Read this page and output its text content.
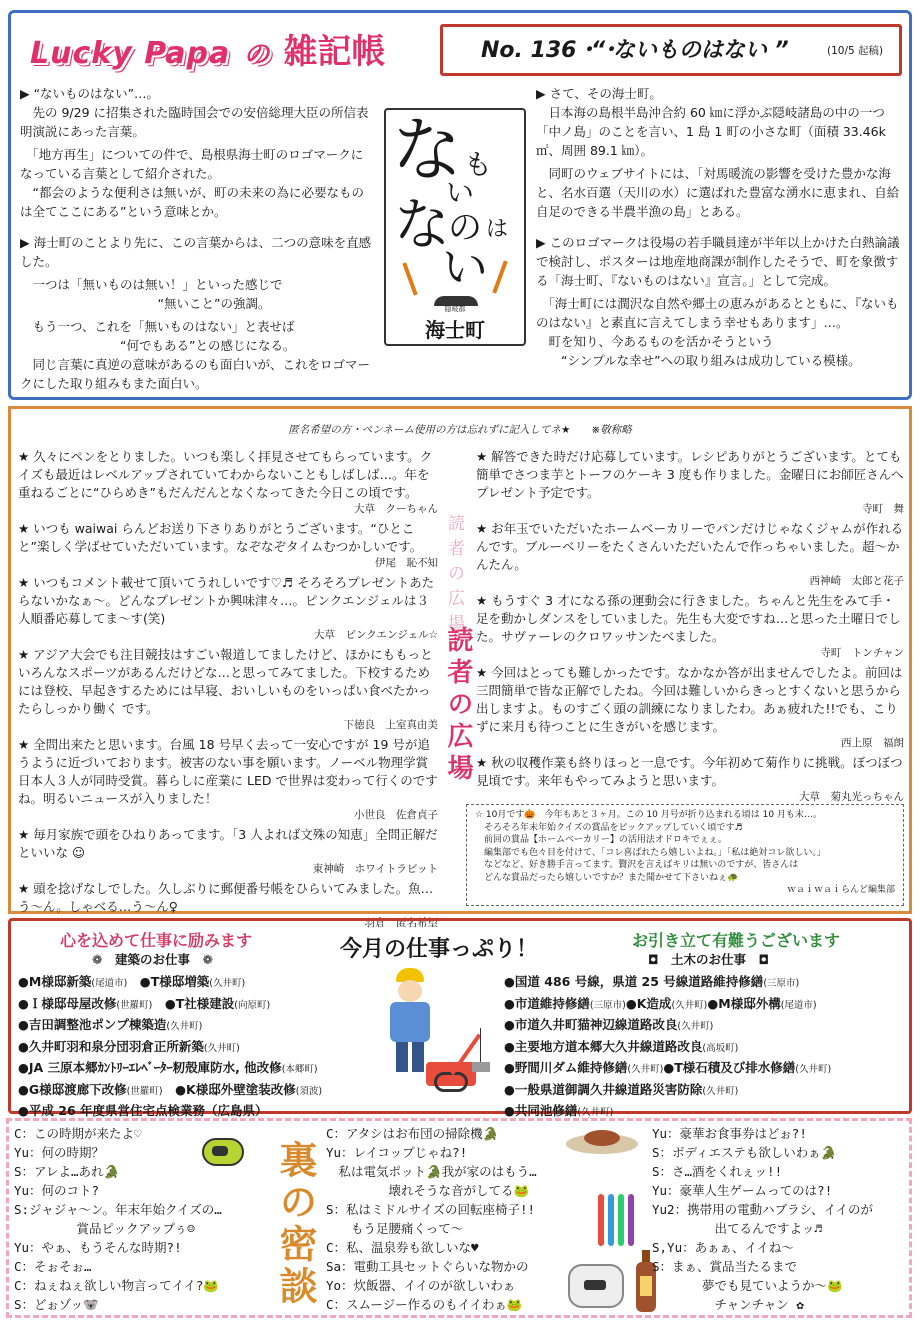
Lucky Papa の 雑記帳	No. 136・・
“ ないものはない ”	(10/5 起稿)

▶ “ないものはない”…。

　先の 9/29 に招集された臨時国会での安倍総理大臣の所信表明演説にあった言葉。

　「地方再生」についての件で、島根県海士町のロゴマークになっている言葉として紹介された。

　“都会のような便利さは無いが、町の未来の為に必要なものは全てここにある”という意味とか。

▶ 海士町のことより先に、この言葉からは、二つの意味を直感した。

　一つは「無いものは無い！」といった感じで

　　　　　　　　　　　“無いこと”の強調。

　もう一つ、これを「無いものはない」と表せば

　　　　　　　　“何でもある”との感じになる。

　同じ言葉に真逆の意味があるのも面白いが、これをロゴマークにした取り組みもまた面白い。

な も
い
の は
な
い
隠岐郡
海士町

▶ さて、その海士町。

　日本海の島根半島沖合約 60 ㎞に浮かぶ隠岐諸島の中の一つ「中ノ島」のことを言い、1 島 1 町の小さな町（面積 33.46k ㎡、周囲 89.1 ㎞）。

　同町のウェブサイトには、「対馬暖流の影響を受けた豊かな海と、名水百選（天川の水）に選ばれた豊富な湧水に恵まれ、自給自足のできる半農半漁の島」とある。

▶ このロゴマークは役場の若手職員達が半年以上かけた白熱論議で検討し、ポスターは地産地商課が制作したそうで、町を象徴する「海士町、『ないものはない』宣言。」として完成。

　「海士町には潤沢な自然や郷土の恵みがあるとともに、『ないものはない』と素直に言えてしまう幸せもあります」…。

　町を知り、今あるものを活かそうという

　　“シンプルな幸せ”への取り組みは成功している模様。

匿名希望の方・ペンネーム使用の方は忘れずに記入してネ★　　※敬称略
★ 久々にペンをとりました。いつも楽しく拝見させてもらっています。クイズも最近はレベルアップされていてわからないこともしばしば…。年を重ねるごとに“ひらめき”もだんだんとなくなってきた今日この頃です。
大草　クーちゃん
★ いつも waiwai らんどお送り下さりありがとうございます。“ひとこと”楽しく学ばせていただいています。なぞなぞタイムむつかしいです。
伊尾　恥不知
★ いつもコメント載せて頂いてうれしいです♡♬ そろそろプレゼントあたらないかなぁ〜。どんなプレゼントか興味津々…。ピンクエンジェルは３人順番応募してま〜す(笑)
大草　ピンクエンジェル☆
★ アジア大会でも注目競技はすごい報道してましたけど、ほかにももっといろんなスポーツがあるんだけどな…と思ってみてました。下校するためには登校、早起きするためには早寝、おいしいものをいっぱい食べたかったらしっかり働く です。
下徳良　上室真由美
★ 全問出来たと思います。台風 18 号早く去って一安心ですが 19 号が追うように近づいております。被害のない事を願います。ノーベル物理学賞日本人３人が同時受賞。暮らしに産業に LED で世界は変わって行くのですね。明るいニュースが入りました！
小世良　佐倉貞子
★ 毎月家族で頭をひねりあってます。「3 人よれば文殊の知恵」全問正解だといいな ☺
東神崎　ホワイトラビット
★ 頭を捻げなしでした。久しぶりに郵便番号帳をひらいてみました。魚…う〜ん。しゃべる…う〜ん♀
羽倉　匿名希望
読者の広場
読者の広場
★ 解答できた時だけ応募しています。レシピありがとうございます。とても簡単でさつま芋とトーフのケーキ 3 度も作りました。金曜日にお師匠さんへプレゼント予定です。
寺町　舞
★ お年玉でいただいたホームベーカリーでパンだけじゃなくジャムが作れるんです。ブルーベリーをたくさんいただいたんで作っちゃいました。超〜かんたん。
西神崎　太郎と花子
★ もうすぐ 3 才になる孫の運動会に行きました。ちゃんと先生をみて手・足を動かしダンスをしていました。先生も大変ですね…と思った土曜日でした。サヴァーレのクロワッサンたべました。
寺町　トンチャン
★ 今回はとっても難しかったです。なかなか答が出ませんでしたよ。前回は三問簡単で皆な正解でしたね。今回は難しいからきっとすくないと思うから出しますよ。ものすごく頭の訓練になりましたわ。あぁ疲れた!!でも、こりずに来月も待つことに生きがいを感じます。
西上原　福朗
★ 秋の収穫作業も終りほっと一息です。今年初めて菊作りに挑戦。ぼつぼつ見頃です。来年もやってみようと思います。
大草　菊丸光っちゃん
☆ 10月です🎃　今年もあと３ヶ月。この 10 月号が折り込まれる頃は 10 月も末…。
　そろそろ年末年始クイズの賞品をピックアップしていく頃です♬
　前回の賞品【ホームベーカリー】の活用法オドロキでぇぇ。
　編集部でも色々目を付けて、「コレ喜ばれたら嬉しいよね。」「私は絶対コレ欲しい。」
　などなど、好き勝手言ってます。贅沢を言えばキリは無いのですが、皆さんは
　どんな賞品だったら嬉しいですか？また聞かせて下さいねぇ🐢
ｗａｉｗａｉらんど編集部
心を込めて仕事に励みます	今月の仕事っぷり！	お引き立て有難うございます
❁　建築のお仕事　❁	◘　土木のお仕事　◘
●M様邸新築(尾道市)　 ●T様邸増築(久井町)
●Ｉ様邸母屋改修(世羅町)　 ●T社様建設(向原町)
●吉田調整池ポンプ棟築造(久井町)
●久井町羽和泉分団羽倉正所新築(久井町)
●JA 三原本郷ｶﾝﾄﾘｰｴﾚﾍﾞｰﾀｰ籾殻庫防水, 他改修(本郷町)
●G様邸渡廊下改修(世羅町)　 ●K様邸外壁塗装改修(須波)
●平成 26 年度県営住宅点検業務（広島県）
●国道 486 号線，県道 25 号線道路維持修繕(三原市)
●市道維持修繕(三原市)●K造成(久井町)●M様邸外構(尾道市)
●市道久井町猫神辺線道路改良(久井町)
●主要地方道本郷大久井線道路改良(高坂町)
●野間川ダム維持修繕(久井町)●T様石積及び排水修繕(久井町)
●一般県道御調久井線道路災害防除(久井町)
●共同池修繕(久井町)
C：この時期が来たよ♡
Yu：何の時期？
S：アレよ…あれ🐊
Yu：何のコト?
S:ジャジャ〜ン。年末年始クイズの…
　　　　　賞品ピックアップぅ☺
Yu：やぁ、もうそんな時期?!
C：そぉそぉ…
C：ねぇねぇ欲しい物言ってイイ?🐸
S：どぉゾッ🐨	裏の密談
C：アタシはお布団の掃除機🐊
Yu：レイコップじゃね?!
　私は電気ポット🐊我が家のはもう…
　　　　　壊れそうな音がしてる🐸
S：私はミドルサイズの回転座椅子!!
　　もう足腰痛くって〜
C：私、温泉券も欲しいな♥
Sa：電動工具セットぐらいな物かの
Yo：炊飯器、イイのが欲しいわぁ
C：スムージー作るのもイイわぁ🐸
Yu：豪華お食事券はどぉ?!
S：ボディエステも欲しいわぁ🐊
S：さ…酒をくれぇッ!!
Yu：豪華人生ゲームってのは?!
Yu2：携帯用の電動ハブラシ、イイのが
　　　　　出てるんですよッ♬
S,Yu：あぁぁ、イイね〜
S：まぁ、賞品当たるまで
　　　　夢でも見ていようか〜🐸
　　　　　チャンチャン ✿
